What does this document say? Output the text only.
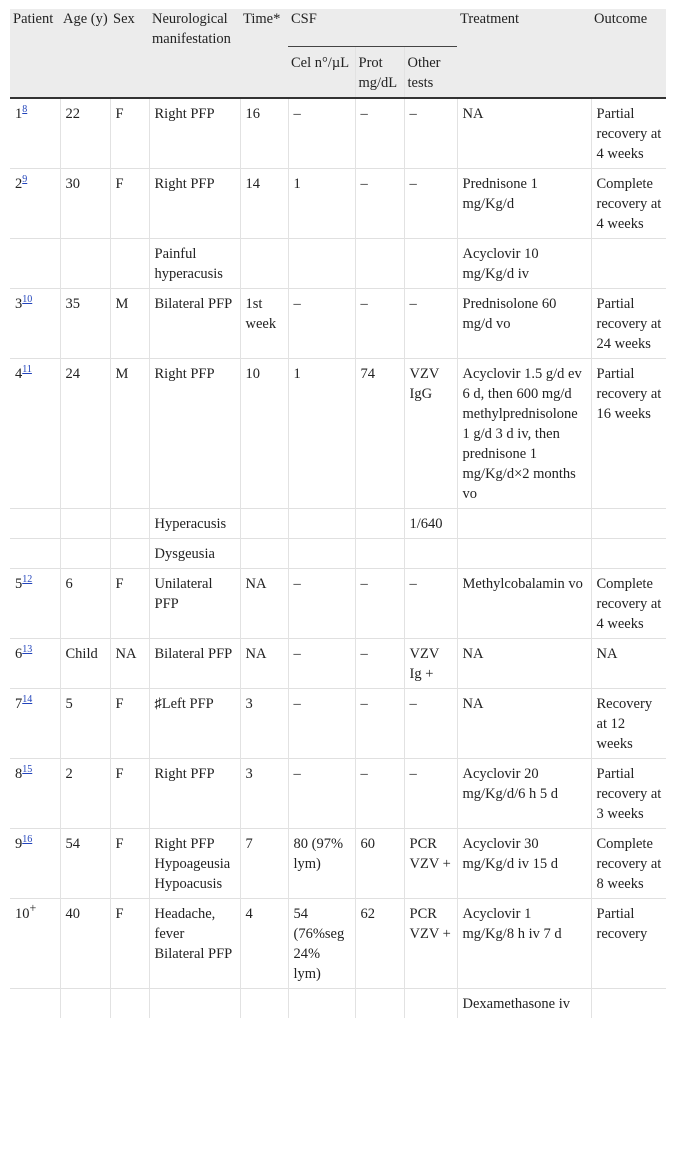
Patient	Age (y)	Sex	Neurological manifestation	Time*	CSF			Treatment	Outcome
					Cel n°/µL	Prot mg/dL	Other tests		
1$^8$	22	F	Right PFP	16	–	–	–	NA	Partial recovery at 4 weeks
2$^9$	30	F	Right PFP	14	1	–	–	Prednisone 1 mg/Kg/d	Complete recovery at 4 weeks
			Painful hyperacusis					Acyclovir 10 mg/Kg/d iv	
3$^{10}$	35	M	Bilateral PFP	1st week	–	–	–	Prednisolone 60 mg/d vo	Partial recovery at 24 weeks
4$^{11}$	24	M	Right PFP	10	1	74	VZV IgG	Acyclovir 1.5 g/d ev 6 d, then 600 mg/d methylprednisolone 1 g/d 3 d iv, then prednisone 1 mg/Kg/d×2 months vo	Partial recovery at 16 weeks
			Hyperacusis				1/640		
			Dysgeusia						
5$^{12}$	6	F	Unilateral PFP	NA	–	–	–	Methylcobalamin vo	Complete recovery at 4 weeks
6$^{13}$	Child	NA	Bilateral PFP	NA	–	–	VZV Ig +	NA	NA
7$^{14}$	5	F	♯Left PFP	3	–	–	–	NA	Recovery at 12 weeks
8$^{15}$	2	F	Right PFP	3	–	–	–	Acyclovir 20 mg/Kg/d/6 h 5 d	Partial recovery at 3 weeks
9$^{16}$	54	F	Right PFP Hypoageusia Hypoacusis	7	80 (97% lym)	60	PCR VZV +	Acyclovir 30 mg/Kg/d iv 15 d	Complete recovery at 8 weeks
10+	40	F	Headache, fever Bilateral PFP	4	54 (76%seg 24% lym)	62	PCR VZV +	Acyclovir 1 mg/Kg/8 h iv 7 d	Partial recovery
								Dexamethasone iv	
